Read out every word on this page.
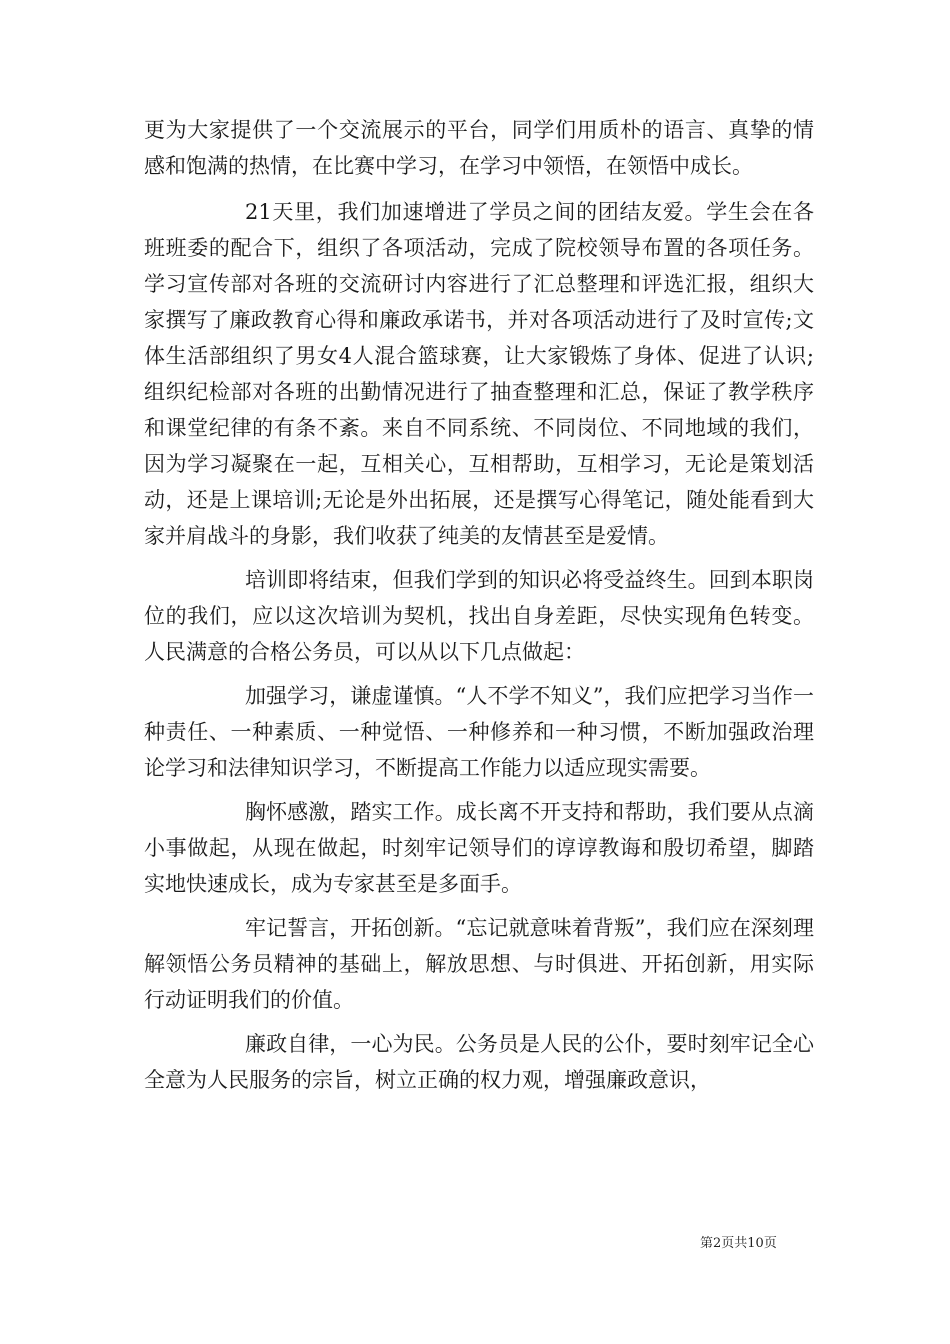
更为大家提供了一个交流展示的平台，同学们用质朴的语言、真挚的情感和饱满的热情，在比赛中学习，在学习中领悟，在领悟中成长。

21天里，我们加速增进了学员之间的团结友爱。学生会在各班班委的配合下，组织了各项活动，完成了院校领导布置的各项任务。学习宣传部对各班的交流研讨内容进行了汇总整理和评选汇报，组织大家撰写了廉政教育心得和廉政承诺书，并对各项活动进行了及时宣传;文体生活部组织了男女4人混合篮球赛，让大家锻炼了身体、促进了认识;组织纪检部对各班的出勤情况进行了抽查整理和汇总，保证了教学秩序和课堂纪律的有条不紊。来自不同系统、不同岗位、不同地域的我们，因为学习凝聚在一起，互相关心，互相帮助，互相学习，无论是策划活动，还是上课培训;无论是外出拓展，还是撰写心得笔记，随处能看到大家并肩战斗的身影，我们收获了纯美的友情甚至是爱情。

培训即将结束，但我们学到的知识必将受益终生。回到本职岗位的我们，应以这次培训为契机，找出自身差距，尽快实现角色转变。人民满意的合格公务员，可以从以下几点做起：

加强学习，谦虚谨慎。“人不学不知义”，我们应把学习当作一种责任、一种素质、一种觉悟、一种修养和一种习惯，不断加强政治理论学习和法律知识学习，不断提高工作能力以适应现实需要。

胸怀感激，踏实工作。成长离不开支持和帮助，我们要从点滴小事做起，从现在做起，时刻牢记领导们的谆谆教诲和殷切希望，脚踏实地快速成长，成为专家甚至是多面手。

牢记誓言，开拓创新。“忘记就意味着背叛”，我们应在深刻理解领悟公务员精神的基础上，解放思想、与时俱进、开拓创新，用实际行动证明我们的价值。

廉政自律，一心为民。公务员是人民的公仆，要时刻牢记全心全意为人民服务的宗旨，树立正确的权力观，增强廉政意识，

第2页共10页
